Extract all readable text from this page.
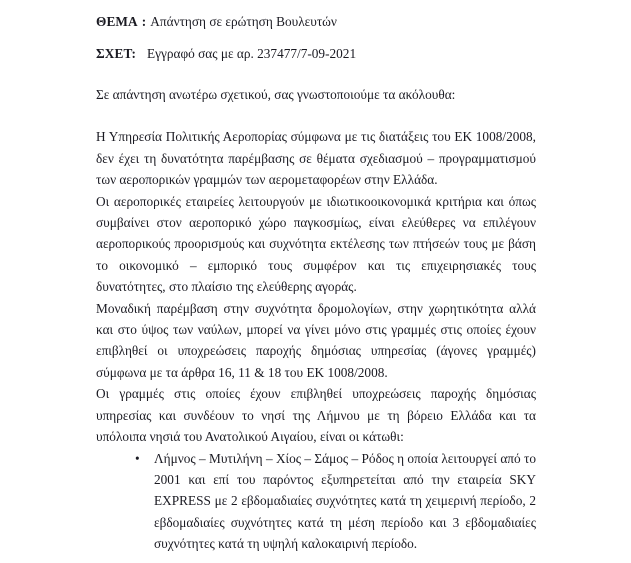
ΘΕΜΑ : Απάντηση σε ερώτηση Βουλευτών

ΣΧΕΤ: Εγγραφό σας με αρ. 237477/7-09-2021

Σε απάντηση ανωτέρω σχετικού, σας γνωστοποιούμε τα ακόλουθα:

Η Υπηρεσία Πολιτικής Αεροπορίας σύμφωνα με τις διατάξεις του ΕΚ 1008/2008, δεν έχει τη δυνατότητα παρέμβασης σε θέματα σχεδιασμού – προγραμματισμού των αεροπορικών γραμμών των αερομεταφορέων στην Ελλάδα.

Οι αεροπορικές εταιρείες λειτουργούν με ιδιωτικοοικονομικά κριτήρια και όπως συμβαίνει στον αεροπορικό χώρο παγκοσμίως, είναι ελεύθερες να επιλέγουν αεροπορικούς προορισμούς και συχνότητα εκτέλεσης των πτήσεών τους με βάση το οικονομικό – εμπορικό τους συμφέρον και τις επιχειρησιακές τους δυνατότητες, στο πλαίσιο της ελεύθερης αγοράς.

Μοναδική παρέμβαση στην συχνότητα δρομολογίων, στην χωρητικότητα αλλά και στο ύψος των ναύλων, μπορεί να γίνει μόνο στις γραμμές στις οποίες έχουν επιβληθεί οι υποχρεώσεις παροχής δημόσιας υπηρεσίας (άγονες γραμμές) σύμφωνα με τα άρθρα 16, 11 & 18 του ΕΚ 1008/2008.

Οι γραμμές στις οποίες έχουν επιβληθεί υποχρεώσεις παροχής δημόσιας υπηρεσίας και συνδέουν το νησί της Λήμνου με τη βόρειο Ελλάδα και τα υπόλοιπα νησιά του Ανατολικού Αιγαίου, είναι οι κάτωθι:

• Λήμνος – Μυτιλήνη – Χίος – Σάμος – Ρόδος η οποία λειτουργεί από το 2001 και επί του παρόντος εξυπηρετείται από την εταιρεία SKY EXPRESS με 2 εβδομαδιαίες συχνότητες κατά τη χειμερινή περίοδο, 2 εβδομαδιαίες συχνότητες κατά τη μέση περίοδο και 3 εβδομαδιαίες συχνότητες κατά τη υψηλή καλοκαιρινή περίοδο.
